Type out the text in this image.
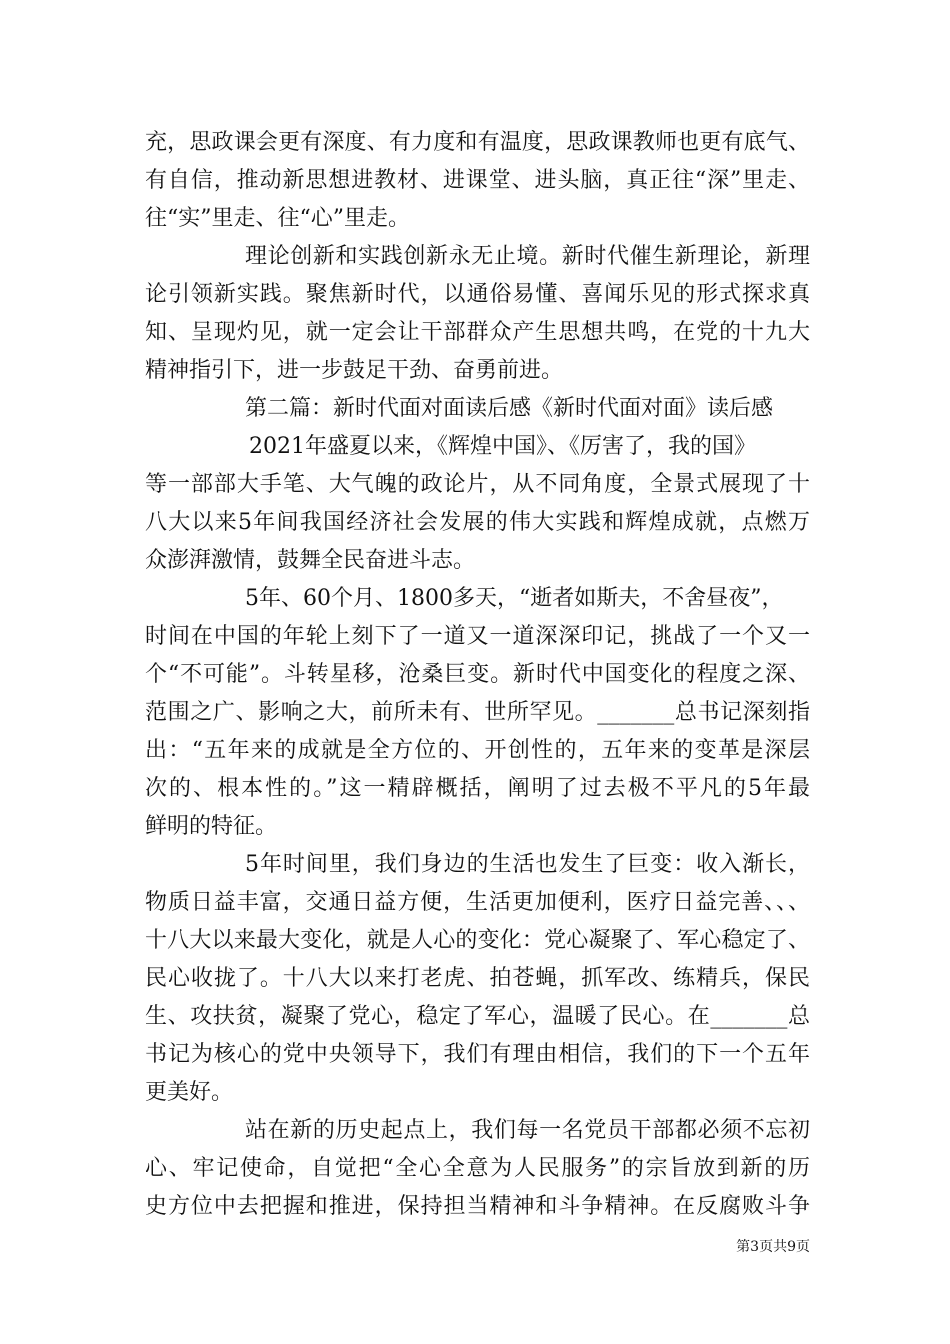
充，思政课会更有深度、有力度和有温度，思政课教师也更有底气、
有自信，推动新思想进教材、进课堂、进头脑，真正往“深”里走、
往“实”里走、往“心”里走。
理论创新和实践创新永无止境。新时代催生新理论，新理
论引领新实践。聚焦新时代，以通俗易懂、喜闻乐见的形式探求真
知、呈现灼见，就一定会让干部群众产生思想共鸣，在党的十九大
精神指引下，进一步鼓足干劲、奋勇前进。
第二篇：新时代面对面读后感《新时代面对面》读后感
2021年盛夏以来，《辉煌中国》、《厉害了，我的国》
等一部部大手笔、大气魄的政论片，从不同角度，全景式展现了十
八大以来5年间我国经济社会发展的伟大实践和辉煌成就，点燃万
众澎湃激情，鼓舞全民奋进斗志。
5年、60个月、1800多天，“逝者如斯夫，不舍昼夜”，
时间在中国的年轮上刻下了一道又一道深深印记，挑战了一个又一
个“不可能”。斗转星移，沧桑巨变。新时代中国变化的程度之深、
范围之广、影响之大，前所未有、世所罕见。_______总书记深刻指
出：“五年来的成就是全方位的、开创性的，五年来的变革是深层
次的、根本性的。”这一精辟概括，阐明了过去极不平凡的5年最
鲜明的特征。
5年时间里，我们身边的生活也发生了巨变：收入渐长，
物质日益丰富，交通日益方便，生活更加便利，医疗日益完善、、、
十八大以来最大变化，就是人心的变化：党心凝聚了、军心稳定了、
民心收拢了。十八大以来打老虎、拍苍蝇，抓军改、练精兵，保民
生、攻扶贫，凝聚了党心，稳定了军心，温暖了民心。在_______总
书记为核心的党中央领导下，我们有理由相信，我们的下一个五年
更美好。
站在新的历史起点上，我们每一名党员干部都必须不忘初
心、牢记使命，自觉把“全心全意为人民服务”的宗旨放到新的历
史方位中去把握和推进，保持担当精神和斗争精神。在反腐败斗争
第3页共9页
